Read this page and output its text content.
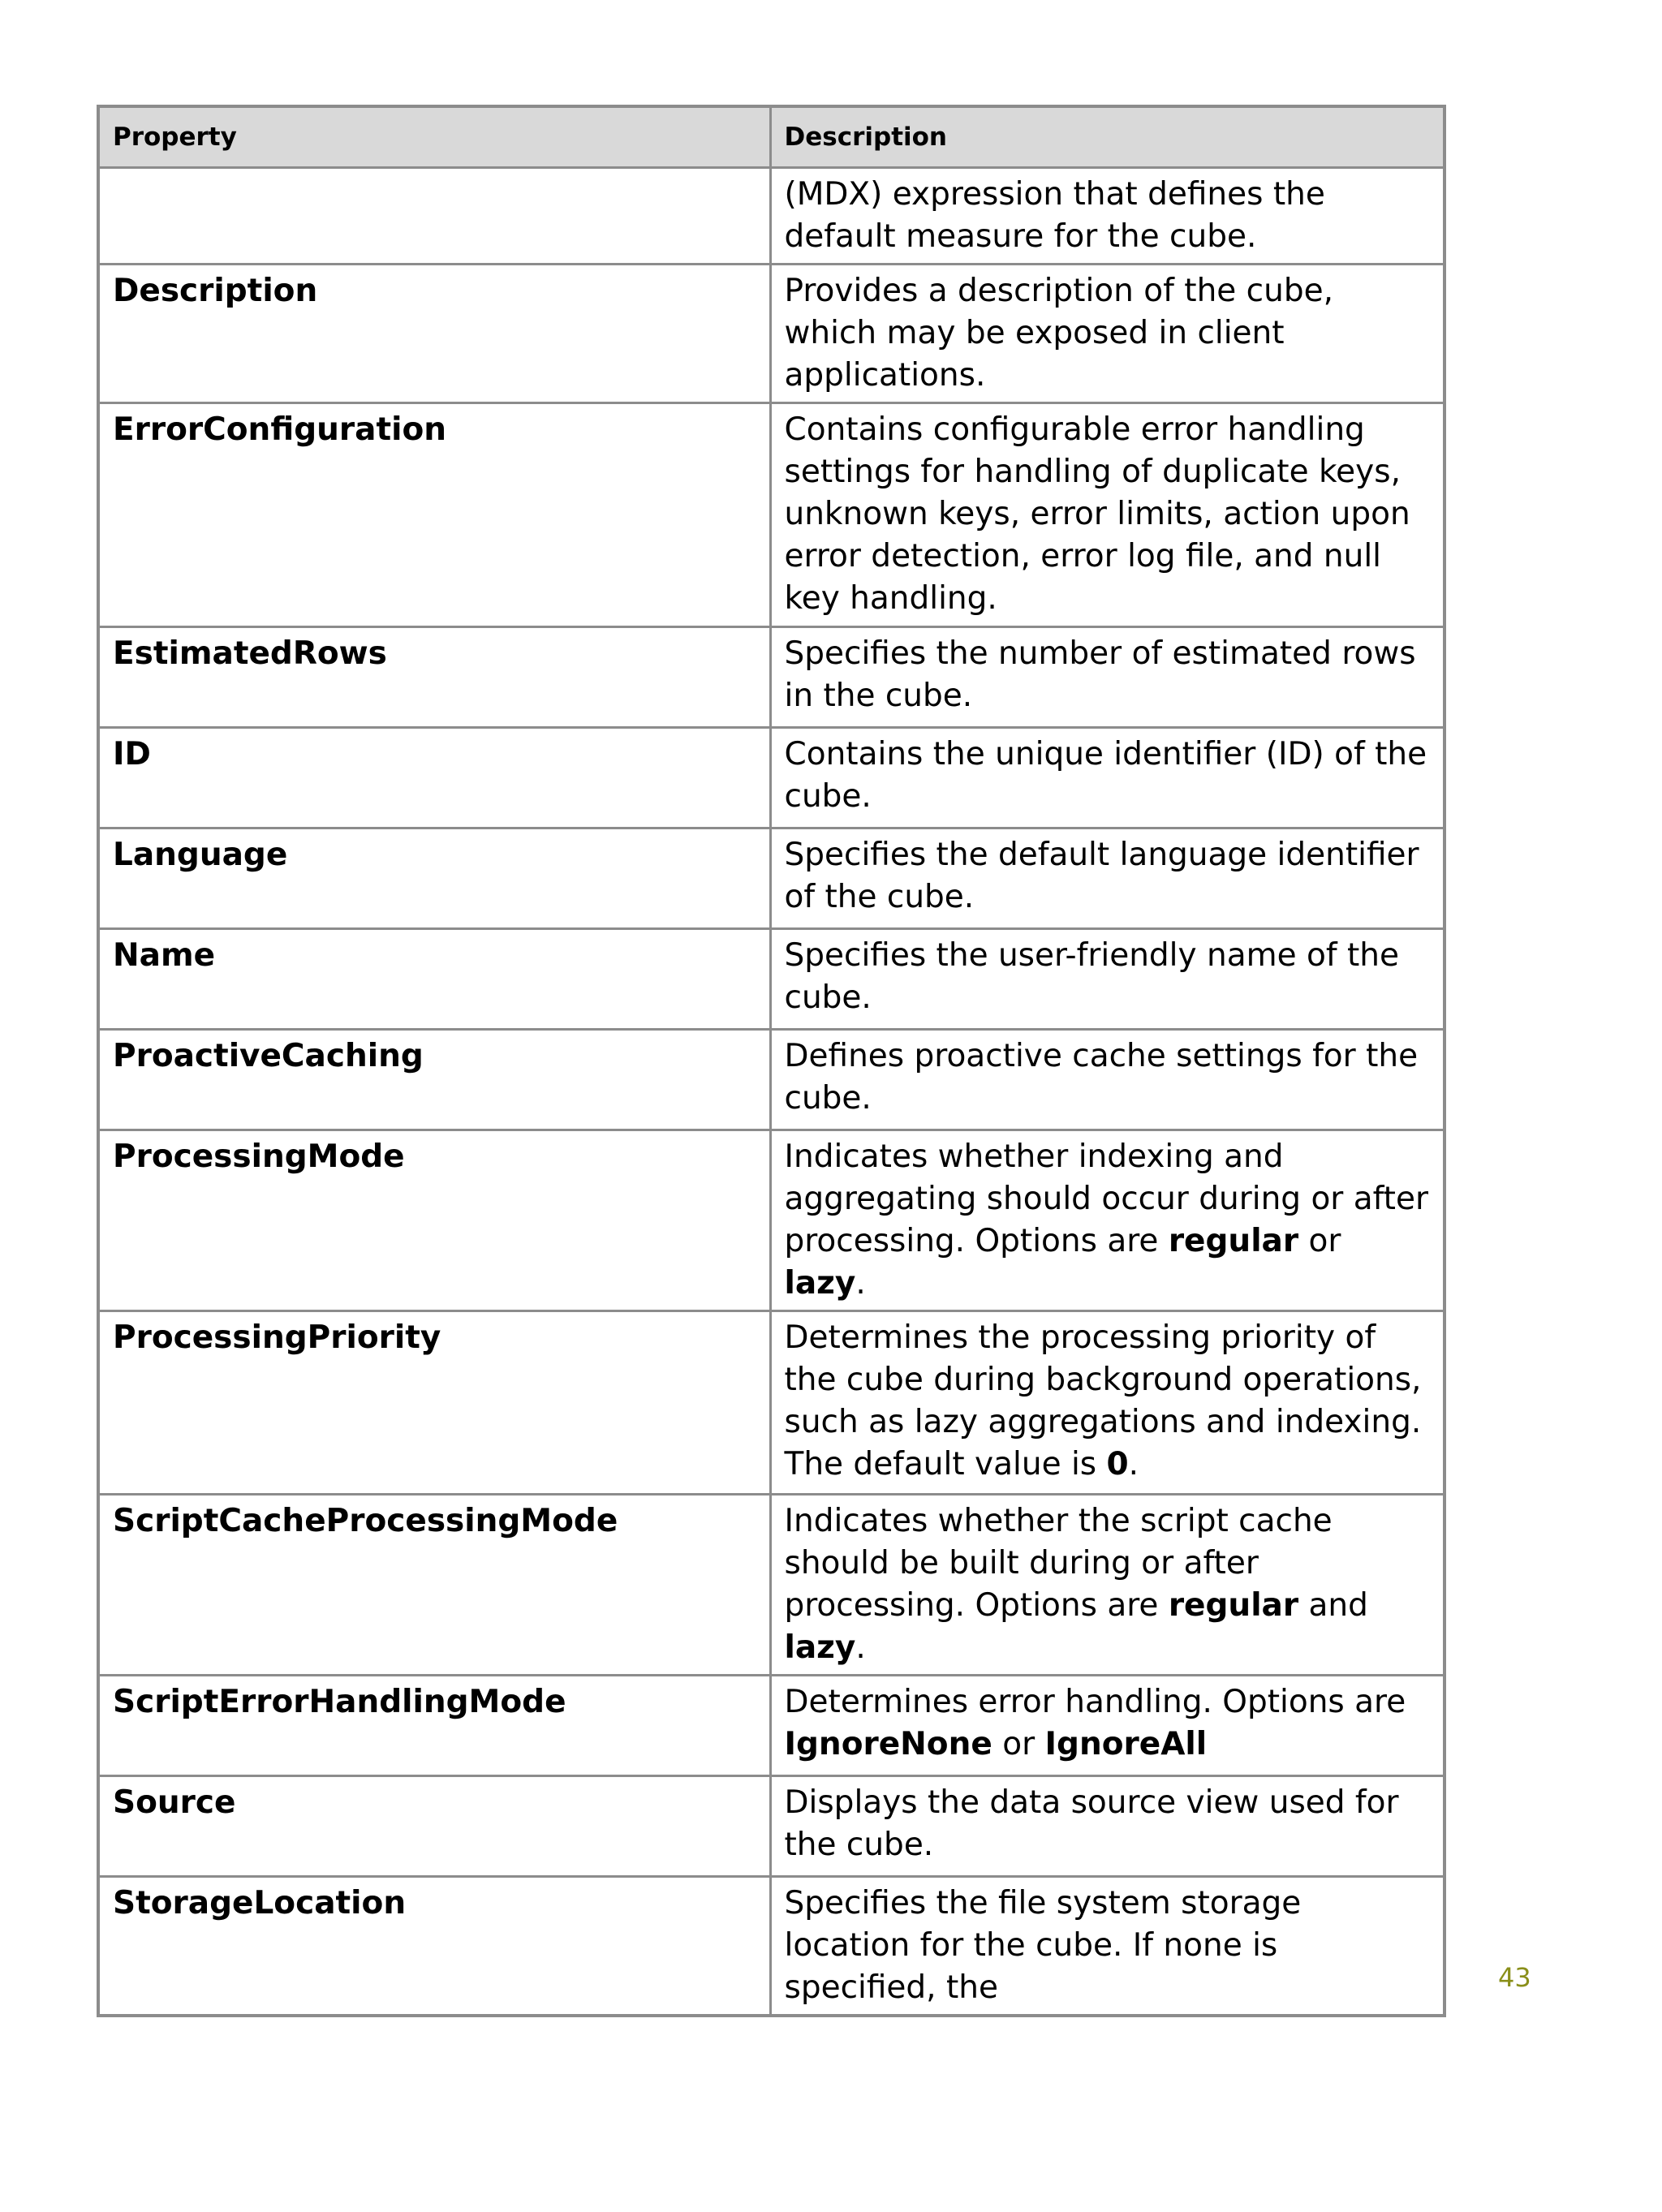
Property	Description
	(MDX) expression that defines the default measure for the cube.
Description	Provides a description of the cube, which may be exposed in client applications.
ErrorConfiguration	Contains configurable error handling settings for handling of duplicate keys, unknown keys, error limits, action upon error detection, error log file, and null key handling.
EstimatedRows	Specifies the number of estimated rows in the cube.
ID	Contains the unique identifier (ID) of the cube.
Language	Specifies the default language identifier of the cube.
Name	Specifies the user-friendly name of the cube.
ProactiveCaching	Defines proactive cache settings for the cube.
ProcessingMode	Indicates whether indexing and aggregating should occur during or after processing. Options are regular or lazy.
ProcessingPriority	Determines the processing priority of the cube during background operations, such as lazy aggregations and indexing. The default value is 0.
ScriptCacheProcessingMode	Indicates whether the script cache should be built during or after processing. Options are regular and lazy.
ScriptErrorHandlingMode	Determines error handling. Options are IgnoreNone or IgnoreAll
Source	Displays the data source view used for the cube.
StorageLocation	Specifies the file system storage location for the cube. If none is specified, the	43
